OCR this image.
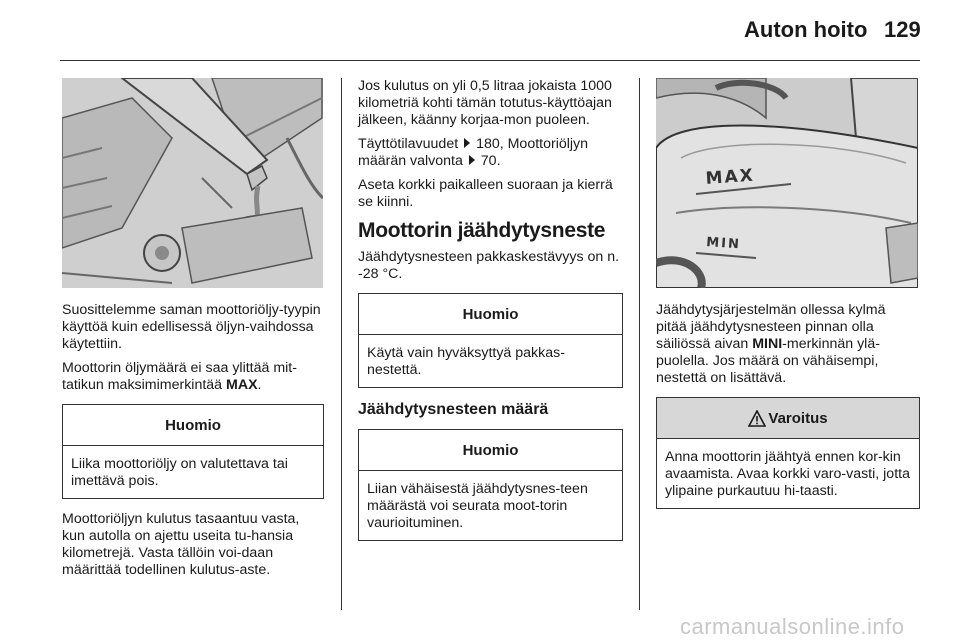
Auton hoito 129

Suosittelemme saman moottoriöljy-tyypin käyttöä kuin edellisessä öljyn-vaihdossa käytettiin.

Moottorin öljymäärä ei saa ylittää mit-tatikun maksimimerkintää MAX.

Huomio
Liika moottoriöljy on valutettava tai imettävä pois.

Moottoriöljyn kulutus tasaantuu vasta, kun autolla on ajettu useita tu-hansia kilometrejä. Vasta tällöin voi-daan määrittää todellinen kulutus-aste.

Jos kulutus on yli 0,5 litraa jokaista 1000 kilometriä kohti tämän totutus-käyttöajan jälkeen, käänny korjaa-mon puoleen.

Täyttötilavuudet  180, Moottoriöljyn määrän valvonta  70.

Aseta korkki paikalleen suoraan ja kierrä se kiinni.

Moottorin jäähdytysneste

Jäähdytysnesteen pakkaskestävyys on n. -28 °C.

Huomio
Käytä vain hyväksyttyä pakkas-nestettä.
Jäähdytysnesteen määrä
Huomio
Liian vähäisestä jäähdytysnes-teen määrästä voi seurata moot-torin vaurioituminen.
MAX
MIN

Jäähdytysjärjestelmän ollessa kylmä pitää jäähdytysnesteen pinnan olla säiliössä aivan MINI-merkinnän ylä-puolella. Jos määrä on vähäisempi, nestettä on lisättävä.

Varoitus
Anna moottorin jäähtyä ennen kor-kin avaamista. Avaa korkki varo-vasti, jotta ylipaine purkautuu hi-taasti.
carmanualsonline.info
